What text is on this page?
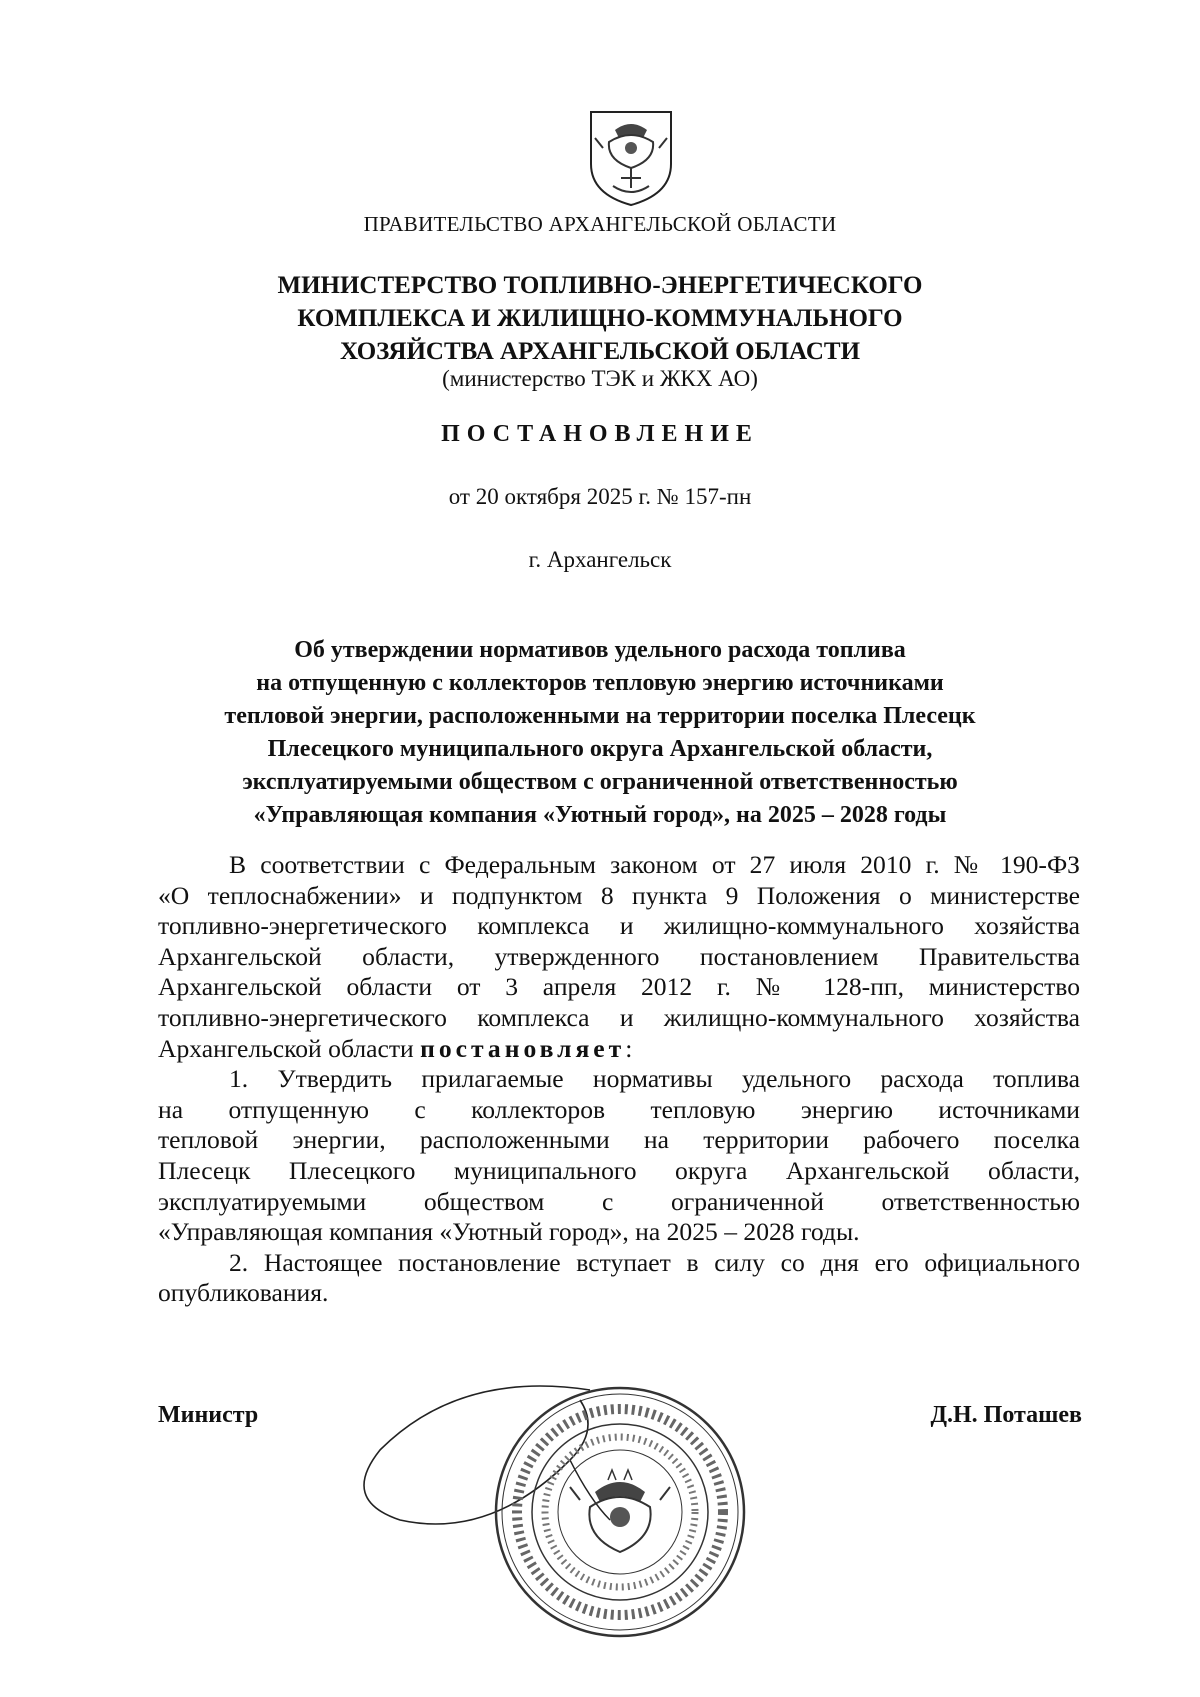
ПРАВИТЕЛЬСТВО АРХАНГЕЛЬСКОЙ ОБЛАСТИ
МИНИСТЕРСТВО ТОПЛИВНО-ЭНЕРГЕТИЧЕСКОГО
КОМПЛЕКСА И ЖИЛИЩНО-КОММУНАЛЬНОГО
ХОЗЯЙСТВА АРХАНГЕЛЬСКОЙ ОБЛАСТИ
(министерство ТЭК и ЖКХ АО)
ПОСТАНОВЛЕНИЕ
от 20 октября 2025 г. № 157-пн
г. Архангельск
Об утверждении нормативов удельного расхода топлива
на отпущенную с коллекторов тепловую энергию источниками
тепловой энергии, расположенными на территории поселка Плесецк
Плесецкого муниципального округа Архангельской области,
эксплуатируемыми обществом с ограниченной ответственностью
«Управляющая компания «Уютный город», на 2025 – 2028 годы
В соответствии с Федеральным законом от 27 июля 2010 г. № 190-ФЗ
«О теплоснабжении» и подпунктом 8 пункта 9 Положения о министерстве
топливно-энергетического комплекса и жилищно-коммунального хозяйства
Архангельской области, утвержденного постановлением Правительства
Архангельской области от 3 апреля 2012 г. № 128-пп, министерство
топливно-энергетического комплекса и жилищно-коммунального хозяйства
Архангельской области постановляет:
1. Утвердить прилагаемые нормативы удельного расхода топлива
на отпущенную с коллекторов тепловую энергию источниками
тепловой энергии, расположенными на территории рабочего поселка
Плесецк Плесецкого муниципального округа Архангельской области,
эксплуатируемыми обществом с ограниченной ответственностью
«Управляющая компания «Уютный город», на 2025 – 2028 годы.
2. Настоящее постановление вступает в силу со дня его официального
опубликования.
Министр	Д.Н. Поташев
